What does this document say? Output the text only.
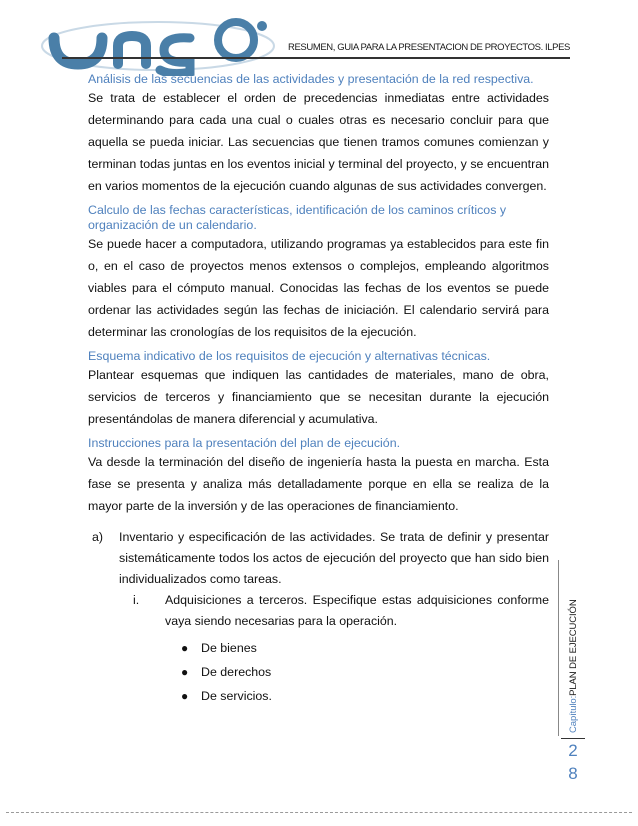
RESUMEN, GUIA PARA LA PRESENTACION DE PROYECTOS. ILPES

Análisis de las secuencias de las actividades y presentación de la red respectiva.

Se trata de establecer el orden de precedencias inmediatas entre actividades determinando para cada una cual o cuales otras es necesario concluir para que aquella se pueda iniciar. Las secuencias que tienen tramos comunes comienzan y terminan todas juntas en los eventos inicial y terminal del proyecto, y se encuentran en varios momentos de la ejecución cuando algunas de sus actividades convergen.

Calculo de las fechas características, identificación de los caminos críticos y organización de un calendario.

Se puede hacer a computadora, utilizando programas ya establecidos para este fin o, en el caso de proyectos menos extensos o complejos, empleando algoritmos viables para el cómputo manual. Conocidas las fechas de los eventos se puede ordenar las actividades según las fechas de iniciación. El calendario servirá para determinar las cronologías de los requisitos de la ejecución.

Esquema indicativo de los requisitos de ejecución y alternativas técnicas.

Plantear esquemas que indiquen las cantidades de materiales, mano de obra, servicios de terceros y financiamiento que se necesitan durante la ejecución presentándolas de manera diferencial y acumulativa.

Instrucciones para la presentación del plan de ejecución.

Va desde la terminación del diseño de ingeniería hasta la puesta en marcha. Esta fase se presenta y analiza más detalladamente porque en ella se realiza de la mayor parte de la inversión y de las operaciones de financiamiento.

a) Inventario y especificación de las actividades. Se trata de definir y presentar sistemáticamente todos los actos de ejecución del proyecto que han sido bien individualizados como tareas.
i. Adquisiciones a terceros. Especifique estas adquisiciones conforme vaya siendo necesarias para la operación.
● De bienes
● De derechos
● De servicios.	Capítulo:PLAN DE EJECUCIÓN
2
8
